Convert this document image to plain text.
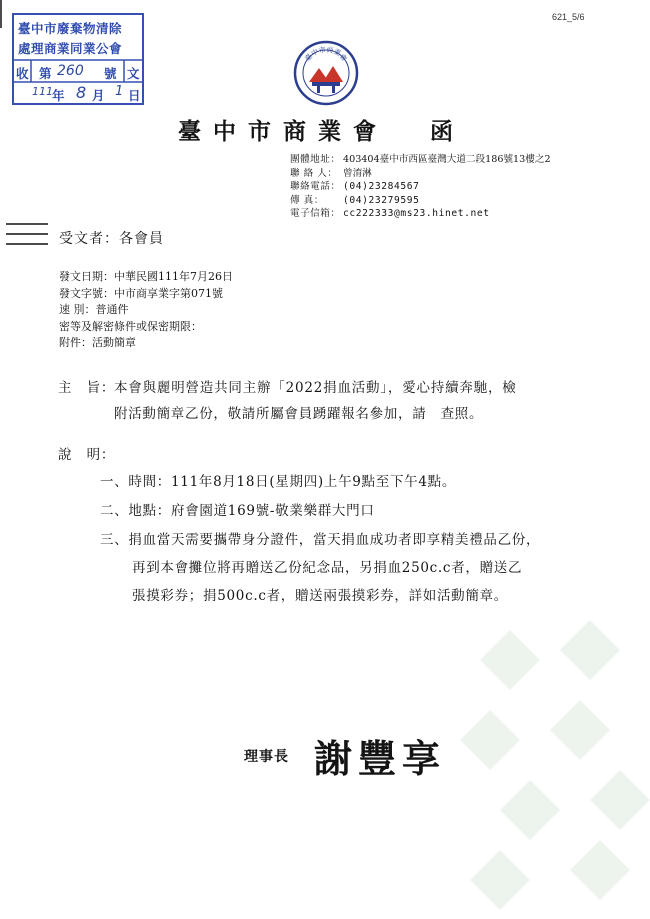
621_5/6
臺中市廢棄物清除
處理商業同業公會
收 第 260 號 文
111 年 8 月 1 日
臺中市商業會
臺中市商業會 函
團體地址： 403404臺中市西區臺灣大道二段186號13樓之2
聯 絡 人： 曾淯淋
聯絡電話： (04)23284567
傳 真：	(04)23279595
電子信箱： cc222333@ms23.hinet.net
受文者：各會員
發文日期： 中華民國111年7月26日
發文字號： 中市商享業字第071號
速 別： 普通件
密等及解密條件或保密期限：
附件： 活動簡章
主　旨：本會與麗明營造共同主辦「2022捐血活動」，愛心持續奔馳，檢
附活動簡章乙份，敬請所屬會員踴躍報名參加，請　查照。
說　明：
一、時間：111年8月18日(星期四)上午9點至下午4點。
二、地點：府會園道169號-敬業樂群大門口
三、捐血當天需要攜帶身分證件，當天捐血成功者即享精美禮品乙份，
再到本會攤位將再贈送乙份紀念品，另捐血250c.c者，贈送乙
張摸彩券；捐500c.c者，贈送兩張摸彩券，詳如活動簡章。
理事長 謝豐享
